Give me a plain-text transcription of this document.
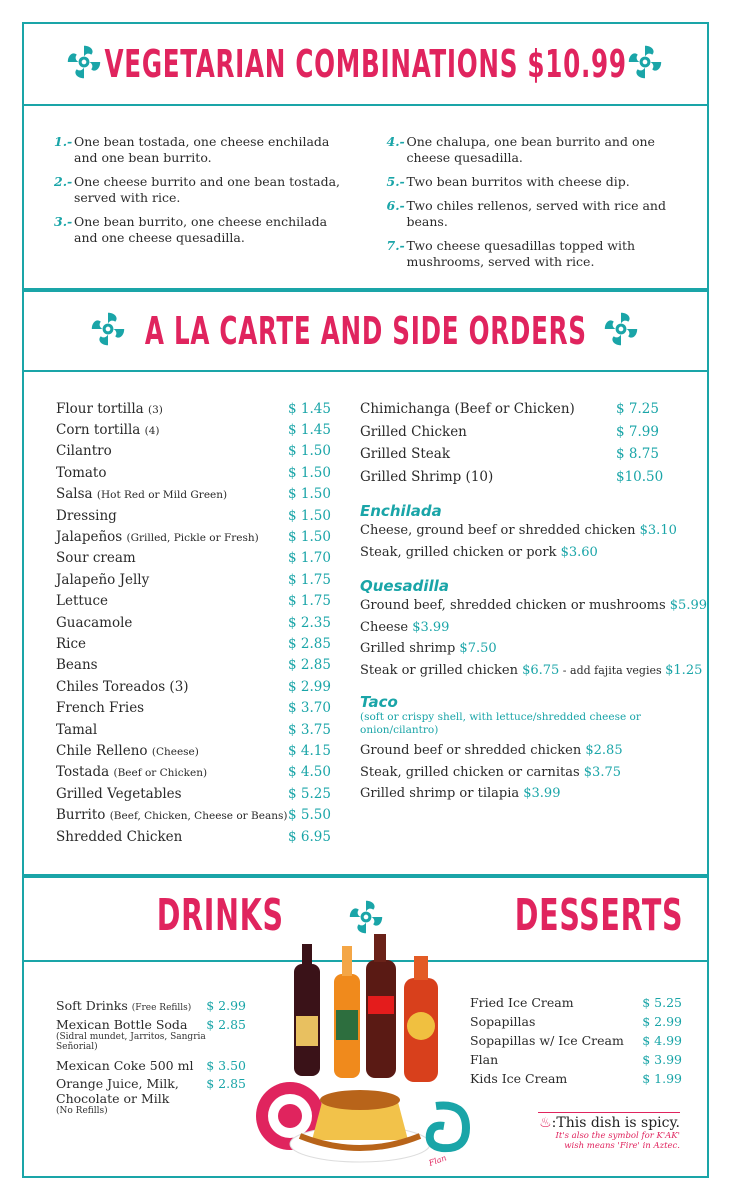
VEGETARIAN COMBINATIONS $10.99
1.- One bean tostada, one cheese enchilada and one bean burrito.
2.- One cheese burrito and one bean tostada, served with rice.
3.- One bean burrito, one cheese enchilada and one cheese quesadilla.
4.- One chalupa, one bean burrito and one cheese quesadilla.
5.- Two bean burritos with cheese dip.
6.- Two chiles rellenos, served with rice and beans.
7.- Two cheese quesadillas topped with mushrooms, served with rice.
A LA CARTE AND SIDE ORDERS
Flour tortilla (3)	$ 1.45
Corn tortilla (4)	$ 1.45
Cilantro	$ 1.50
Tomato	$ 1.50
Salsa (Hot Red or Mild Green)	$ 1.50
Dressing	$ 1.50
Jalapeños (Grilled, Pickle or Fresh) $ 1.50
Sour cream	$ 1.70
Jalapeño Jelly	$ 1.75
Lettuce	$ 1.75
Guacamole	$ 2.35
Rice	$ 2.85
Beans	$ 2.85
Chiles Toreados (3)	$ 2.99
French Fries	$ 3.70
Tamal	$ 3.75
Chile Relleno (Cheese)	$ 4.15
Tostada (Beef or Chicken)	$ 4.50
Grilled Vegetables	$ 5.25
Burrito (Beef, Chicken, Cheese or Beans) $ 5.50
Shredded Chicken	$ 6.95
Chimichanga (Beef or Chicken)	$ 7.25
Grilled Chicken	$ 7.99
Grilled Steak	$ 8.75
Grilled Shrimp (10)	$10.50
Enchilada
Cheese, ground beef or shredded chicken $3.10
Steak, grilled chicken or pork $3.60
Quesadilla
Ground beef, shredded chicken or mushrooms $5.99
Cheese $3.99
Grilled shrimp $7.50
Steak or grilled chicken $6.75 - add fajita vegies $1.25
Taco
(soft or crispy shell, with lettuce/shredded cheese or onion/cilantro)
Ground beef or shredded chicken $2.85
Steak, grilled chicken or carnitas $3.75
Grilled shrimp or tilapia $3.99
DRINKS	DESSERTS
Soft Drinks (Free Refills)	$ 2.99
Mexican Bottle Soda	$ 2.85
(Sidral mundet, Jarritos, Sangria Señorial)
Mexican Coke 500 ml $ 3.50
Orange Juice, Milk, Chocolate or Milk
$ 2.85
(No Refills)
Flan
Fried Ice Cream	$ 5.25
Sopapillas	$ 2.99
Sopapillas w/ Ice Cream $ 4.99
Flan	$ 3.99
Kids Ice Cream	$ 1.99
♨:This dish is spicy.
It's also the symbol for K'AK' wish means 'Fire' in Aztec.
